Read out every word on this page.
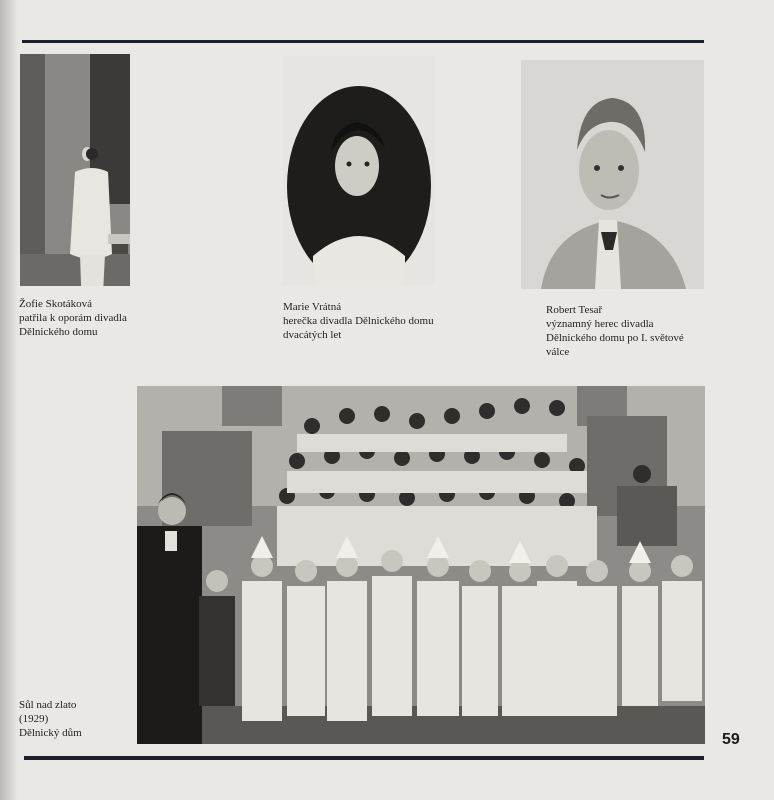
Žofie Skotáková
patřila k oporám divadla
Dělnického domu
Marie Vrátná
herečka divadla Dělnického domu
dvacátých let
Robert Tesař
významný herec divadla
Dělnického domu po I. světové
válce
Sůl nad zlato
(1929)
Dělnický dům	59
